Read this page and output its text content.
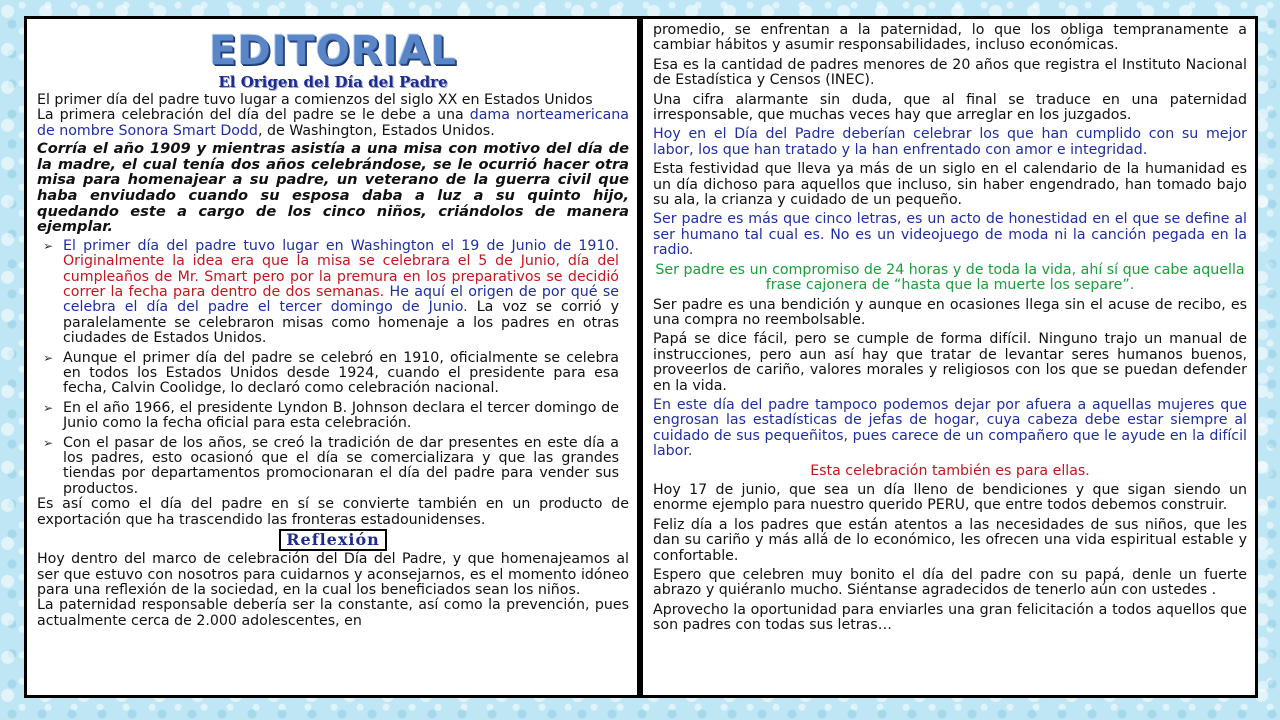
EDITORIAL
El Origen del Día del Padre

El primer día del padre tuvo lugar a comienzos del siglo XX en Estados Unidos

La primera celebración del día del padre se le debe a una dama norteamericana de nombre Sonora Smart Dodd, de Washington, Estados Unidos.

Corría el año 1909 y mientras asistía a una misa con motivo del día de la madre, el cual tenía dos años celebrándose, se le ocurrió hacer otra misa para homenajear a su padre, un veterano de la guerra civil que haba enviudado cuando su esposa daba a luz a su quinto hijo, quedando este a cargo de los cinco niños, criándolos de manera ejemplar.

➢ El primer día del padre tuvo lugar en Washington el 19 de Junio de 1910. Originalmente la idea era que la misa se celebrara el 5 de Junio, día del cumpleaños de Mr. Smart pero por la premura en los preparativos se decidió correr la fecha para dentro de dos semanas. He aquí el origen de por qué se celebra el día del padre el tercer domingo de Junio. La voz se corrió y paralelamente se celebraron misas como homenaje a los padres en otras ciudades de Estados Unidos.

➢ Aunque el primer día del padre se celebró en 1910, oficialmente se celebra en todos los Estados Unidos desde 1924, cuando el presidente para esa fecha, Calvin Coolidge, lo declaró como celebración nacional.

➢ En el año 1966, el presidente Lyndon B. Johnson declara el tercer domingo de Junio como la fecha oficial para esta celebración.

➢ Con el pasar de los años, se creó la tradición de dar presentes en este día a los padres, esto ocasionó que el día se comercializara y que las grandes tiendas por departamentos promocionaran el día del padre para vender sus productos.

Es así como el día del padre en sí se convierte también en un producto de exportación que ha trascendido las fronteras estadounidenses.

Reflexión

Hoy dentro del marco de celebración del Día del Padre, y que homenajeamos al ser que estuvo con nosotros para cuidarnos y aconsejarnos, es el momento idóneo para una reflexión de la sociedad, en la cual los beneficiados sean los niños.

La paternidad responsable debería ser la constante, así como la prevención, pues actualmente cerca de 2.000 adolescentes, en

promedio, se enfrentan a la paternidad, lo que los obliga tempranamente a cambiar hábitos y asumir responsabilidades, incluso económicas.

Esa es la cantidad de padres menores de 20 años que registra el Instituto Nacional de Estadística y Censos (INEC).

Una cifra alarmante sin duda, que al final se traduce en una paternidad irresponsable, que muchas veces hay que arreglar en los juzgados.

Hoy en el Día del Padre deberían celebrar los que han cumplido con su mejor labor, los que han tratado y la han enfrentado con amor e integridad.

Esta festividad que lleva ya más de un siglo en el calendario de la humanidad es un día dichoso para aquellos que incluso, sin haber engendrado, han tomado bajo su ala, la crianza y cuidado de un pequeño.

Ser padre es más que cinco letras, es un acto de honestidad en el que se define al ser humano tal cual es. No es un videojuego de moda ni la canción pegada en la radio.

Ser padre es un compromiso de 24 horas y de toda la vida, ahí sí que cabe aquella frase cajonera de “hasta que la muerte los separe”.

Ser padre es una bendición y aunque en ocasiones llega sin el acuse de recibo, es una compra no reembolsable.

Papá se dice fácil, pero se cumple de forma difícil. Ninguno trajo un manual de instrucciones, pero aun así hay que tratar de levantar seres humanos buenos, proveerlos de cariño, valores morales y religiosos con los que se puedan defender en la vida.

En este día del padre tampoco podemos dejar por afuera a aquellas mujeres que engrosan las estadísticas de jefas de hogar, cuya cabeza debe estar siempre al cuidado de sus pequeñitos, pues carece de un compañero que le ayude en la difícil labor.

Esta celebración también es para ellas.

Hoy 17 de junio, que sea un día lleno de bendiciones y que sigan siendo un enorme ejemplo para nuestro querido PERU, que entre todos debemos construir.

Feliz día a los padres que están atentos a las necesidades de sus niños, que les dan su cariño y más allá de lo económico, les ofrecen una vida espiritual estable y confortable.

Espero que celebren muy bonito el día del padre con su papá, denle un fuerte abrazo y quiéranlo mucho. Siéntanse agradecidos de tenerlo aún con ustedes .

Aprovecho la oportunidad para enviarles una gran felicitación a todos aquellos que son padres con todas sus letras…
